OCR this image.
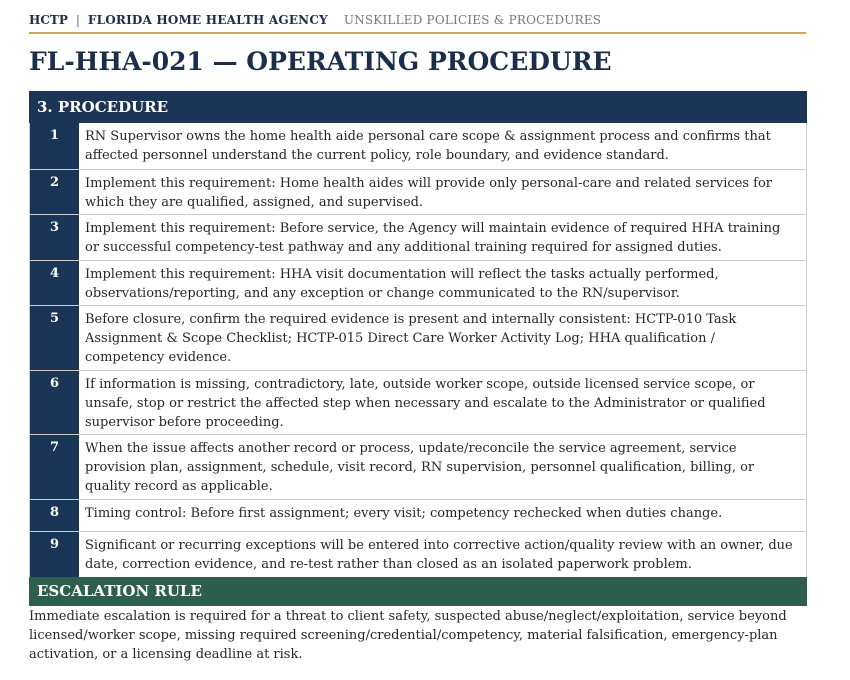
HCTP | FLORIDA HOME HEALTH AGENCY UNSKILLED POLICIES & PROCEDURES
FL-HHA-021 — OPERATING PROCEDURE
3. PROCEDURE
1	RN Supervisor owns the home health aide personal care scope & assignment process and confirms that affected personnel understand the current policy, role boundary, and evidence standard.
2	Implement this requirement: Home health aides will provide only personal-care and related services for which they are qualified, assigned, and supervised.
3	Implement this requirement: Before service, the Agency will maintain evidence of required HHA training or successful competency-test pathway and any additional training required for assigned duties.
4	Implement this requirement: HHA visit documentation will reflect the tasks actually performed, observations/reporting, and any exception or change communicated to the RN/supervisor.
5	Before closure, confirm the required evidence is present and internally consistent: HCTP-010 Task Assignment & Scope Checklist; HCTP-015 Direct Care Worker Activity Log; HHA qualification / competency evidence.
6	If information is missing, contradictory, late, outside worker scope, outside licensed service scope, or unsafe, stop or restrict the affected step when necessary and escalate to the Administrator or qualified supervisor before proceeding.
7	When the issue affects another record or process, update/reconcile the service agreement, service provision plan, assignment, schedule, visit record, RN supervision, personnel qualification, billing, or quality record as applicable.
8	Timing control: Before first assignment; every visit; competency rechecked when duties change.
9	Significant or recurring exceptions will be entered into corrective action/quality review with an owner, due date, correction evidence, and re-test rather than closed as an isolated paperwork problem.
ESCALATION RULE
Immediate escalation is required for a threat to client safety, suspected abuse/neglect/exploitation, service beyond licensed/worker scope, missing required screening/credential/competency, material falsification, emergency-plan activation, or a licensing deadline at risk.
